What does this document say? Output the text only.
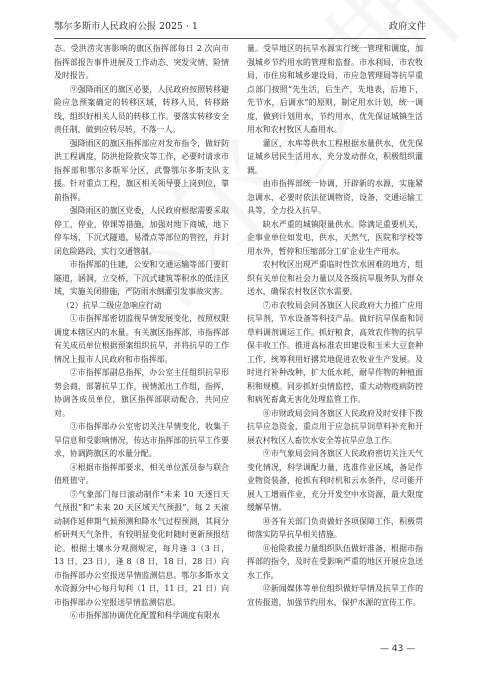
鄂尔多斯市人民政府公报 2025 · 1	政府文件

态。受洪涝灾害影响的旗区指挥部每日 2 次向市指挥部报告事件进展及工作动态、突发灾情、险情及时报告。

⑨强降雨区的旗区必要，人民政府按照转移避险应急预案确定的转移区域，转移人员，转移路线，组织好相关人员的转移工作。要落实转移安全责任制，做到应转尽转，不落一人。

强降雨区的旗区指挥部应对发布指令，做好防洪工程调度，防洪抢险救灾等工作，必要时请求市指挥部和鄂尔多斯军分区，武警鄂尔多斯支队支援。针对重点工程，旗区相关领导要上岗到位，靠前指挥。

强降雨区的旗区党委，人民政府根据需要采取停工，停业，停课等措施，加强对地下商城，地下停车场，下沉式隧道，易滑点等部位的管控，并封闭危险路段，实行交通管制。

市指挥部的住建，公安和交通运输等部门要盯隧道，涵洞，立交桥，下沉式建筑等积水的低洼区域，实施关闭措施，严防雨水倒灌引发事故灾害。

（2）抗旱二级应急响应行动

①市指挥部密切监视旱情发展变化，按照权限调度本辖区内的水量。有关旗区指挥部，市指挥部有关成员单位根据预案组织抗旱，并将抗旱的工作情况上报市人民政府和市指挥部。

②市指挥部副总指挥，办公室主任组织抗旱形势会商，部署抗旱工作，视情派出工作组，指挥，协调各成员单位，旗区指挥部联动配合，共同应对。

③市指挥部办公室密切关注旱情变化，收集干旱信息和受影响情况，传达市指挥部的抗旱工作要求，协调跨旗区的水量分配。

④根据市指挥部要求，相关单位派员参与联合值班值守。

⑤气象部门每日滚动制作“未来 10 天逐日天气预报”和“未来 20 天区域天气预报”，每 2 天滚动制作延伸期气候预测和降水气过程预测，其间分析研判天气条件，有较明显变化时随时更新预报结论。根据土壤水分观测规定，每月逢 3（3 日，13 日，23 日），逢 8（8 日，18 日，28 日）向市指挥部办公室报送旱情监测信息。鄂尔多斯水文水资源分中心每月旬利（1 日，11 日，21 日）向市指挥部办公室报送旱情监测信息。

⑥市指挥部协调优化配置和科学调度有限水

量。受旱地区的抗旱水源实行统一管理和调度，加强城乡节约用水的管理和监督。市水利局，市农牧局，市住房和城乡建设局，市应急管理局等抗旱重点部门按照“先生活，后生产，先地表，后地下，先节水，后调水”的原则，制定用水计划，统一调度，做到计划用水，节约用水，优先保证城镇生活用水和农村牧区人畜用水。

灌区，水库等供水工程根据水量供水，优先保证城乡居民生活用水，充分发动群众，积极组织灌溉。

由市指挥部统一协调，开辟新的水源，实施紧急调水，必要时依法征调物资，设备，交通运输工具等，全力投入抗旱。

缺水严重的城镇限量供水。除满足重要机关，企事业单位如发电，供水，天然气，医院和学校等用水外，暂停和压缩部分工矿企业生产用水。

农村牧区出现严重临时性饮水困难的地方，组织有关单位和社会力量以及各级抗旱服务队为群众送水，确保农村牧区饮水需要。

⑦市农牧局会同各旗区人民政府大力推广应用抗旱剂，节水设备等科技产品。做好抗旱保畜和饲草料调剂调运工作。抓好粮食，高效农作物的抗旱保丰收工作。推进高标准农田建设和玉米大豆套种工作，统筹利用好撂荒地促进农牧业生产发展。及时进行补种改种，扩大低水耗，耐旱作物的种植面积和规模。同步抓好虫情监控，重大动物疫病防控和病死畜禽无害化处理监管工作。

⑧市财政局会同各旗区人民政府及时安排下拨抗旱应急资金，重点用于应急抗旱饲草料补充和开展农村牧区人畜饮水安全等抗旱应急工作。

⑨市气象局会同各旗区人民政府密切关注天气变化情况，科学调配力量，选准作业区域，备足作业物资装备，抢抓有利时机和云水条件，尽可能开展人工增雨作业，充分开发空中水资源，最大限度缓解旱情。

⑩各有关部门负责做好各项保障工作，积极贯彻落实防旱抗旱相关措施。

⑪抢险救援力量组织队伍做好准备，根据市指挥部的指令，及时在受影响严重的地区开展应急送水工作。

⑫新闻媒体等单位组织做好旱情及抗旱工作的宣传报道，加强节约用水，保护水源的宣传工作。

— 43 —
